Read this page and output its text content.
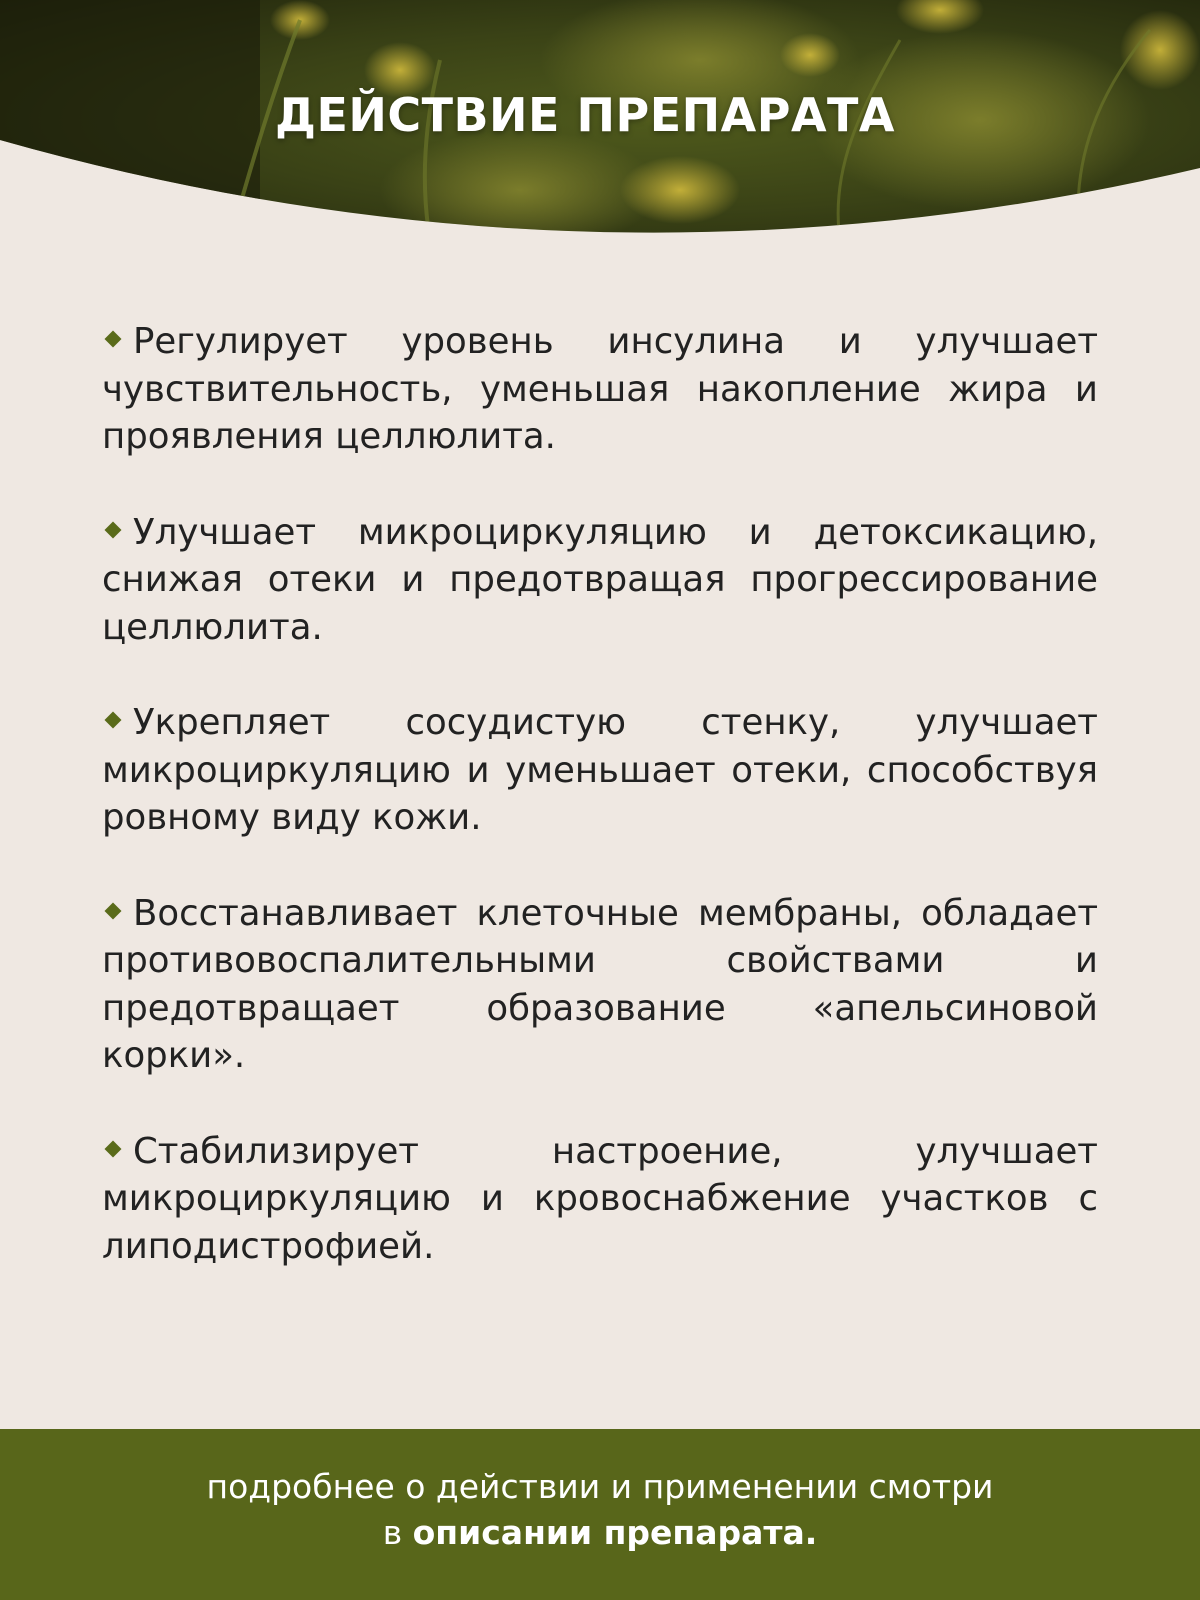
ДЕЙСТВИЕ ПРЕПАРАТА
Регулирует уровень инсулина и улучшает чувствительность, уменьшая накопление жира и проявления целлюлита.
Улучшает микроциркуляцию и детоксикацию, снижая отеки и предотвращая прогрессирование целлюлита.
Укрепляет сосудистую стенку, улучшает микроциркуляцию и уменьшает отеки, способствуя ровному виду кожи.
Восстанавливает клеточные мембраны, обладает противовоспалительными свойствами и предотвращает образование «апельсиновой корки».
Стабилизирует настроение, улучшает микроциркуляцию и кровоснабжение участков с липодистрофией.
подробнее о действии и применении смотри
в описании препарата.
